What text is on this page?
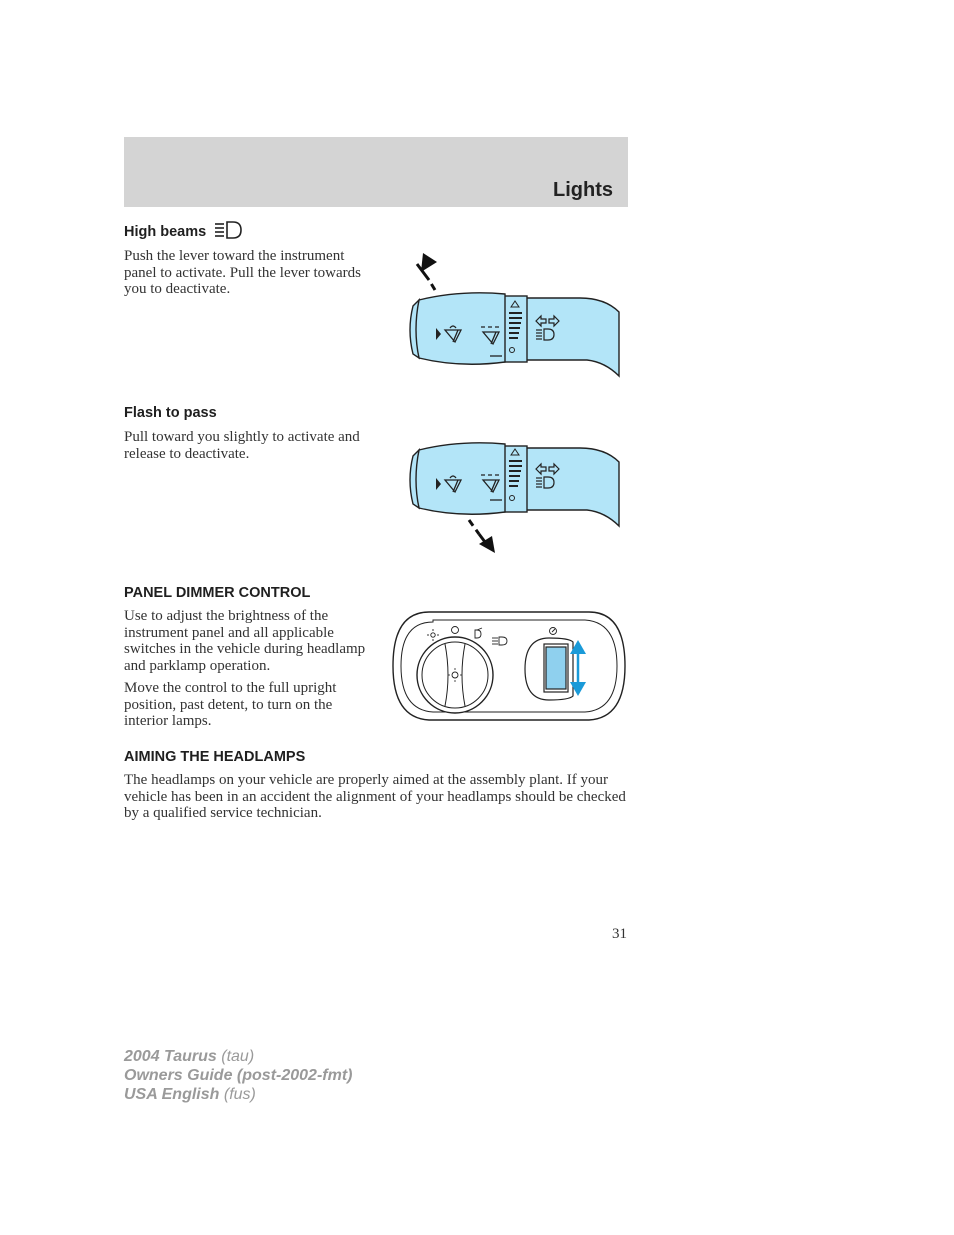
Lights
High beams

Push the lever toward the instrument panel to activate. Pull the lever towards you to deactivate.

Flash to pass

Pull toward you slightly to activate and release to deactivate.

PANEL DIMMER CONTROL

Use to adjust the brightness of the instrument panel and all applicable switches in the vehicle during headlamp and parklamp operation.

Move the control to the full upright position, past detent, to turn on the interior lamps.

AIMING THE HEADLAMPS

The headlamps on your vehicle are properly aimed at the assembly plant. If your vehicle has been in an accident the alignment of your headlamps should be checked by a qualified service technician.

31
2004 Taurus (tau)
Owners Guide (post-2002-fmt)
USA English (fus)
